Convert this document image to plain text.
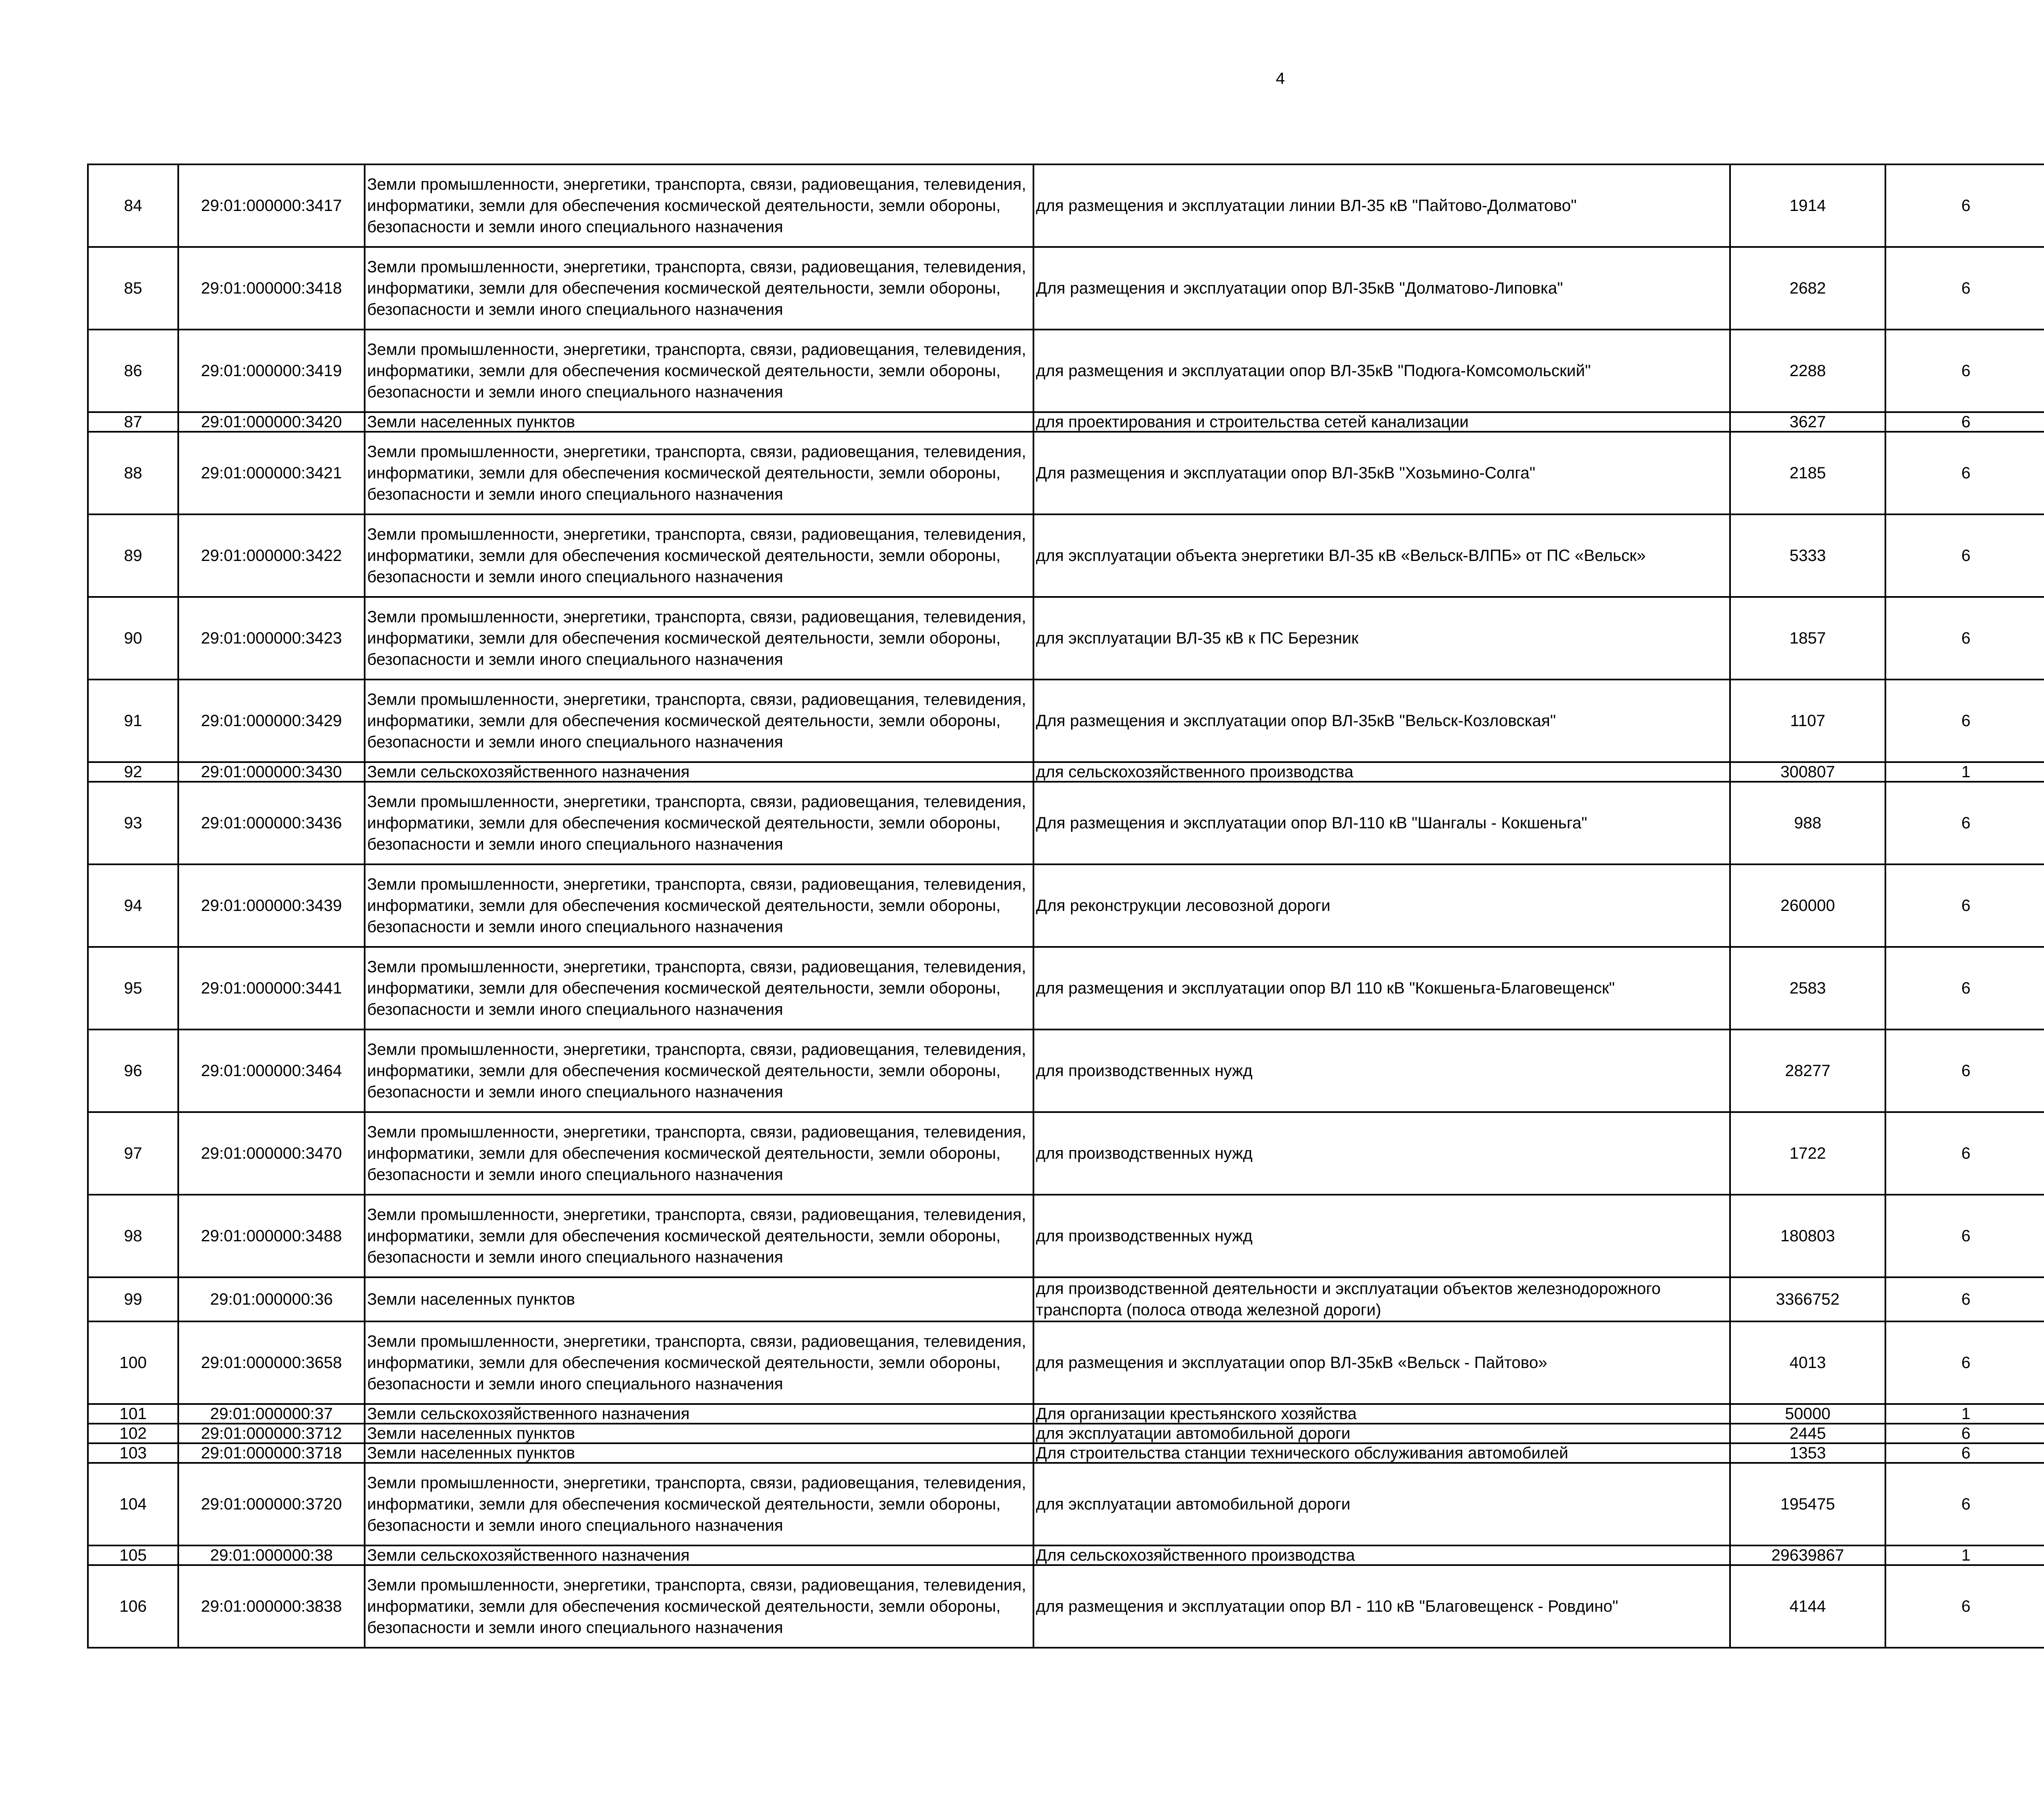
4
84	29:01:000000:3417	Земли промышленности, энергетики, транспорта, связи, радиовещания, телевидения, информатики, земли для обеспечения космической деятельности, земли обороны, безопасности и земли иного специального назначения	для размещения и эксплуатации линии ВЛ-35 кВ "Пайтово-Долматово"	1914	6		
85	29:01:000000:3418	Земли промышленности, энергетики, транспорта, связи, радиовещания, телевидения, информатики, земли для обеспечения космической деятельности, земли обороны, безопасности и земли иного специального назначения	Для размещения и эксплуатации опор ВЛ-35кВ "Долматово-Липовка"	2682	6		
86	29:01:000000:3419	Земли промышленности, энергетики, транспорта, связи, радиовещания, телевидения, информатики, земли для обеспечения космической деятельности, земли обороны, безопасности и земли иного специального назначения	для размещения и эксплуатации опор ВЛ-35кВ "Подюга-Комсомольский"	2288	6		
87	29:01:000000:3420	Земли населенных пунктов	для проектирования и строительства сетей канализации	3627	6		
88	29:01:000000:3421	Земли промышленности, энергетики, транспорта, связи, радиовещания, телевидения, информатики, земли для обеспечения космической деятельности, земли обороны, безопасности и земли иного специального назначения	Для размещения и эксплуатации опор ВЛ-35кВ "Хозьмино-Солга"	2185	6		
89	29:01:000000:3422	Земли промышленности, энергетики, транспорта, связи, радиовещания, телевидения, информатики, земли для обеспечения космической деятельности, земли обороны, безопасности и земли иного специального назначения	для эксплуатации объекта энергетики ВЛ-35 кВ «Вельск-ВЛПБ» от ПС «Вельск»	5333	6		
90	29:01:000000:3423	Земли промышленности, энергетики, транспорта, связи, радиовещания, телевидения, информатики, земли для обеспечения космической деятельности, земли обороны, безопасности и земли иного специального назначения	для эксплуатации ВЛ-35 кВ к ПС Березник	1857	6		
91	29:01:000000:3429	Земли промышленности, энергетики, транспорта, связи, радиовещания, телевидения, информатики, земли для обеспечения космической деятельности, земли обороны, безопасности и земли иного специального назначения	Для размещения и эксплуатации опор ВЛ-35кВ "Вельск-Козловская"	1107	6		
92	29:01:000000:3430	Земли сельскохозяйственного назначения	для сельскохозяйственного производства	300807	1		
93	29:01:000000:3436	Земли промышленности, энергетики, транспорта, связи, радиовещания, телевидения, информатики, земли для обеспечения космической деятельности, земли обороны, безопасности и земли иного специального назначения	Для размещения и эксплуатации опор ВЛ-110 кВ "Шангалы - Кокшеньга"	988	6		
94	29:01:000000:3439	Земли промышленности, энергетики, транспорта, связи, радиовещания, телевидения, информатики, земли для обеспечения космической деятельности, земли обороны, безопасности и земли иного специального назначения	Для реконструкции лесовозной дороги	260000	6		
95	29:01:000000:3441	Земли промышленности, энергетики, транспорта, связи, радиовещания, телевидения, информатики, земли для обеспечения космической деятельности, земли обороны, безопасности и земли иного специального назначения	для размещения и эксплуатации опор ВЛ 110 кВ "Кокшеньга-Благовещенск"	2583	6		
96	29:01:000000:3464	Земли промышленности, энергетики, транспорта, связи, радиовещания, телевидения, информатики, земли для обеспечения космической деятельности, земли обороны, безопасности и земли иного специального назначения	для производственных нужд	28277	6		
97	29:01:000000:3470	Земли промышленности, энергетики, транспорта, связи, радиовещания, телевидения, информатики, земли для обеспечения космической деятельности, земли обороны, безопасности и земли иного специального назначения	для производственных нужд	1722	6		
98	29:01:000000:3488	Земли промышленности, энергетики, транспорта, связи, радиовещания, телевидения, информатики, земли для обеспечения космической деятельности, земли обороны, безопасности и земли иного специального назначения	для производственных нужд	180803	6		
99	29:01:000000:36	Земли населенных пунктов	для производственной деятельности и эксплуатации объектов железнодорожного транспорта (полоса отвода железной дороги)	3366752	6		
100	29:01:000000:3658	Земли промышленности, энергетики, транспорта, связи, радиовещания, телевидения, информатики, земли для обеспечения космической деятельности, земли обороны, безопасности и земли иного специального назначения	для размещения и эксплуатации опор ВЛ-35кВ «Вельск - Пайтово»	4013	6		
101	29:01:000000:37	Земли сельскохозяйственного назначения	Для организации крестьянского хозяйства	50000	1		
102	29:01:000000:3712	Земли населенных пунктов	для эксплуатации автомобильной дороги	2445	6		
103	29:01:000000:3718	Земли населенных пунктов	Для строительства станции технического обслуживания автомобилей	1353	6		
104	29:01:000000:3720	Земли промышленности, энергетики, транспорта, связи, радиовещания, телевидения, информатики, земли для обеспечения космической деятельности, земли обороны, безопасности и земли иного специального назначения	для эксплуатации автомобильной дороги	195475	6		
105	29:01:000000:38	Земли сельскохозяйственного назначения	Для сельскохозяйственного производства	29639867	1		
106	29:01:000000:3838	Земли промышленности, энергетики, транспорта, связи, радиовещания, телевидения, информатики, земли для обеспечения космической деятельности, земли обороны, безопасности и земли иного специального назначения	для размещения и эксплуатации опор ВЛ - 110 кВ "Благовещенск - Ровдино"	4144	6		
